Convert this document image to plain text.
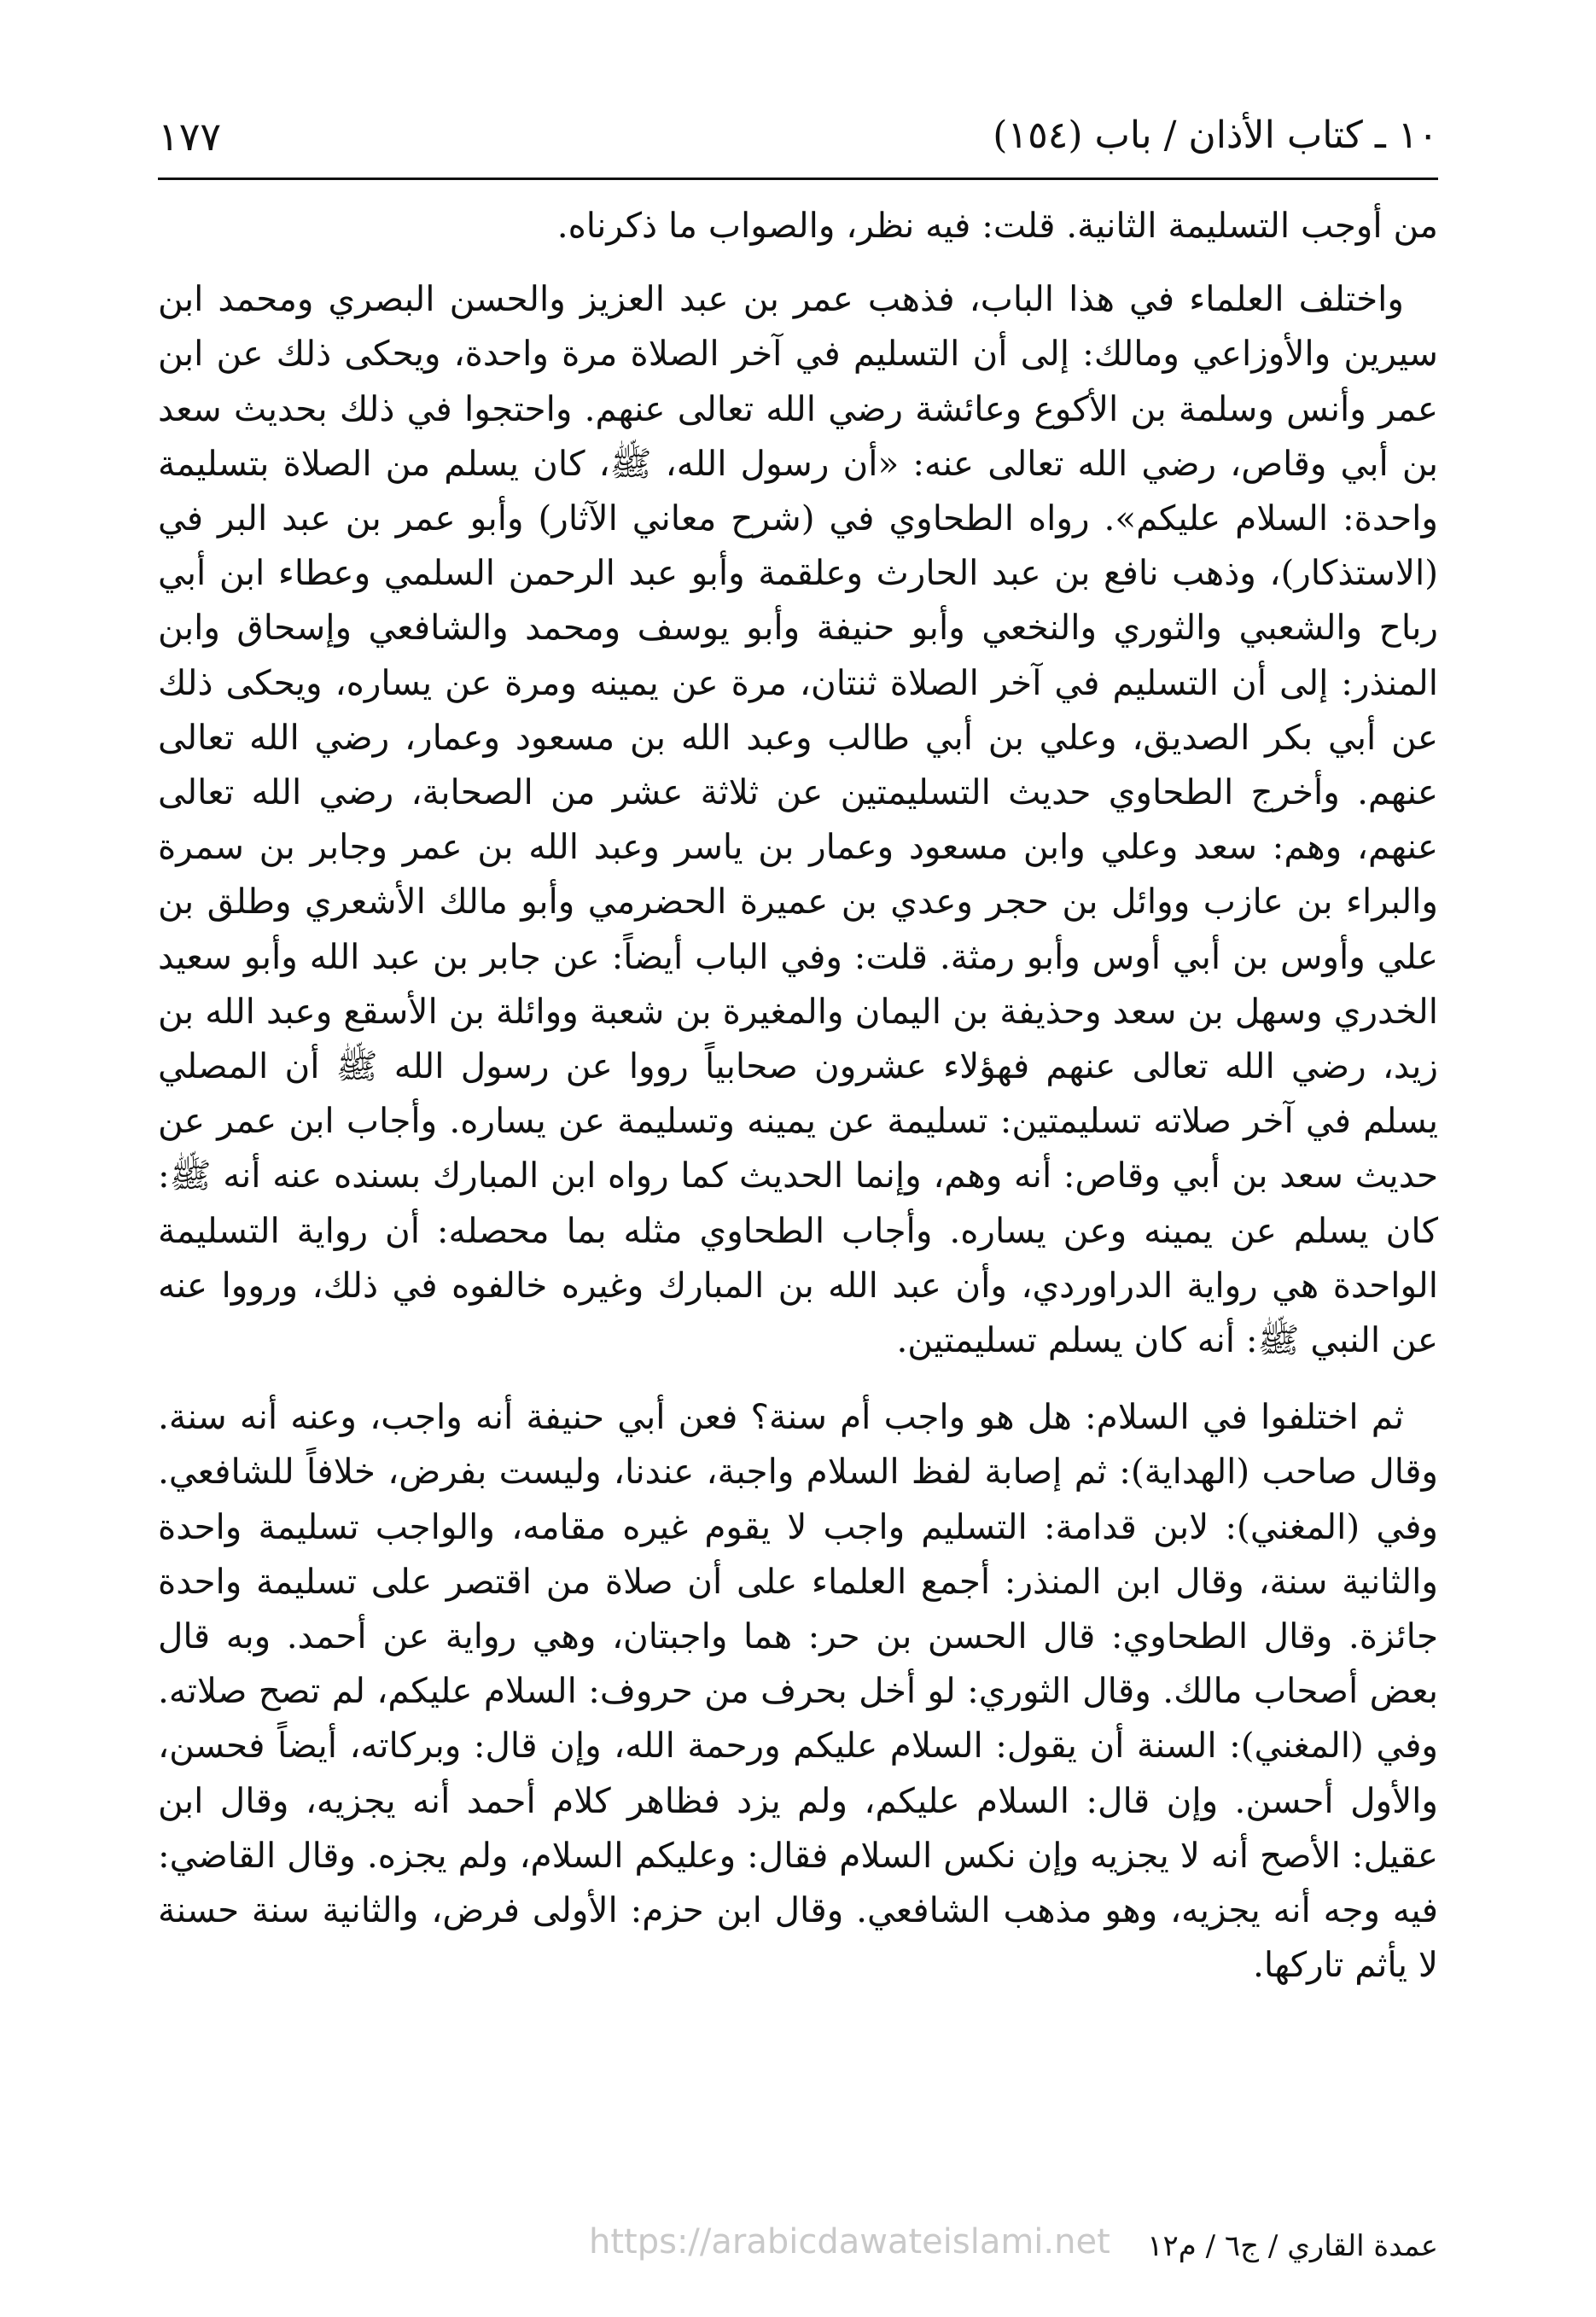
١٠ ـ كتاب الأذان / باب (١٥٤)
١٧٧

من أوجب التسليمة الثانية. قلت: فيه نظر، والصواب ما ذكرناه.

واختلف العلماء في هذا الباب، فذهب عمر بن عبد العزيز والحسن البصري ومحمد ابن سيرين والأوزاعي ومالك: إلى أن التسليم في آخر الصلاة مرة واحدة، ويحكى ذلك عن ابن عمر وأنس وسلمة بن الأكوع وعائشة رضي الله تعالى عنهم. واحتجوا في ذلك بحديث سعد بن أبي وقاص، رضي الله تعالى عنه: «أن رسول الله، ﷺ، كان يسلم من الصلاة بتسليمة واحدة: السلام عليكم». رواه الطحاوي في (شرح معاني الآثار) وأبو عمر بن عبد البر في (الاستذكار)، وذهب نافع بن عبد الحارث وعلقمة وأبو عبد الرحمن السلمي وعطاء ابن أبي رباح والشعبي والثوري والنخعي وأبو حنيفة وأبو يوسف ومحمد والشافعي وإسحاق وابن المنذر: إلى أن التسليم في آخر الصلاة ثنتان، مرة عن يمينه ومرة عن يساره، ويحكى ذلك عن أبي بكر الصديق، وعلي بن أبي طالب وعبد الله بن مسعود وعمار، رضي الله تعالى عنهم. وأخرج الطحاوي حديث التسليمتين عن ثلاثة عشر من الصحابة، رضي الله تعالى عنهم، وهم: سعد وعلي وابن مسعود وعمار بن ياسر وعبد الله بن عمر وجابر بن سمرة والبراء بن عازب ووائل بن حجر وعدي بن عميرة الحضرمي وأبو مالك الأشعري وطلق بن علي وأوس بن أبي أوس وأبو رمثة. قلت: وفي الباب أيضاً: عن جابر بن عبد الله وأبو سعيد الخدري وسهل بن سعد وحذيفة بن اليمان والمغيرة بن شعبة ووائلة بن الأسقع وعبد الله بن زيد، رضي الله تعالى عنهم فهؤلاء عشرون صحابياً رووا عن رسول الله ﷺ أن المصلي يسلم في آخر صلاته تسليمتين: تسليمة عن يمينه وتسليمة عن يساره. وأجاب ابن عمر عن حديث سعد بن أبي وقاص: أنه وهم، وإنما الحديث كما رواه ابن المبارك بسنده عنه أنه ﷺ: كان يسلم عن يمينه وعن يساره. وأجاب الطحاوي مثله بما محصله: أن رواية التسليمة الواحدة هي رواية الدراوردي، وأن عبد الله بن المبارك وغيره خالفوه في ذلك، ورووا عنه عن النبي ﷺ: أنه كان يسلم تسليمتين.

ثم اختلفوا في السلام: هل هو واجب أم سنة؟ فعن أبي حنيفة أنه واجب، وعنه أنه سنة. وقال صاحب (الهداية): ثم إصابة لفظ السلام واجبة، عندنا، وليست بفرض، خلافاً للشافعي. وفي (المغني): لابن قدامة: التسليم واجب لا يقوم غيره مقامه، والواجب تسليمة واحدة والثانية سنة، وقال ابن المنذر: أجمع العلماء على أن صلاة من اقتصر على تسليمة واحدة جائزة. وقال الطحاوي: قال الحسن بن حر: هما واجبتان، وهي رواية عن أحمد. وبه قال بعض أصحاب مالك. وقال الثوري: لو أخل بحرف من حروف: السلام عليكم، لم تصح صلاته. وفي (المغني): السنة أن يقول: السلام عليكم ورحمة الله، وإن قال: وبركاته، أيضاً فحسن، والأول أحسن. وإن قال: السلام عليكم، ولم يزد فظاهر كلام أحمد أنه يجزيه، وقال ابن عقيل: الأصح أنه لا يجزيه وإن نكس السلام فقال: وعليكم السلام، ولم يجزه. وقال القاضي: فيه وجه أنه يجزيه، وهو مذهب الشافعي. وقال ابن حزم: الأولى فرض، والثانية سنة حسنة لا يأثم تاركها.

عمدة القاري / ج٦ / م١٢
https://arabicdawateislami.net
